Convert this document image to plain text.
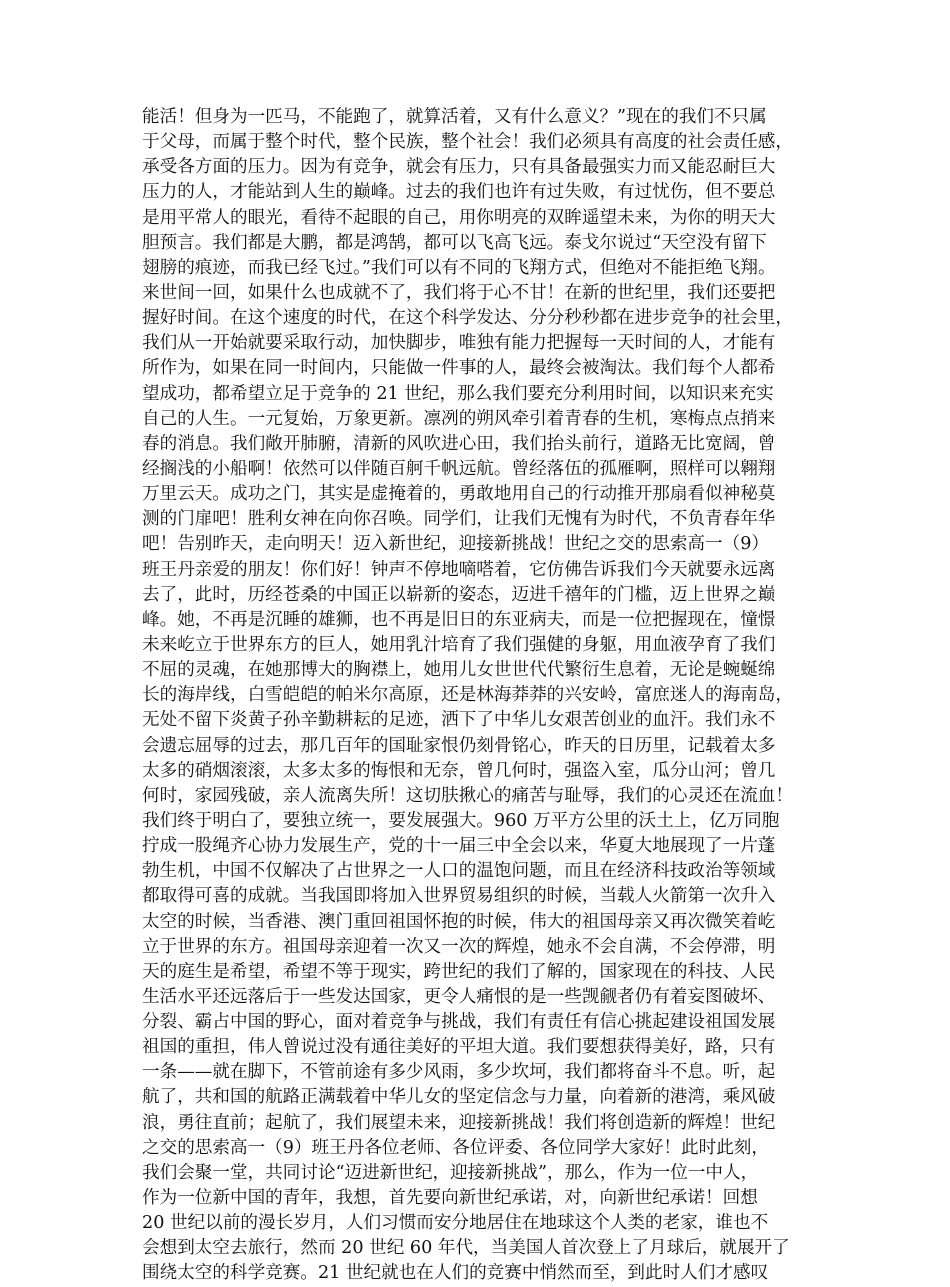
能活！但身为一匹马，不能跑了，就算活着，又有什么意义？”现在的我们不只属
于父母，而属于整个时代，整个民族，整个社会！我们必须具有高度的社会责任感，
承受各方面的压力。因为有竞争，就会有压力，只有具备最强实力而又能忍耐巨大
压力的人，才能站到人生的巅峰。过去的我们也许有过失败，有过忧伤，但不要总
是用平常人的眼光，看待不起眼的自己，用你明亮的双眸遥望未来，为你的明天大
胆预言。我们都是大鹏，都是鸿鹄，都可以飞高飞远。泰戈尔说过“天空没有留下
翅膀的痕迹，而我已经飞过。”我们可以有不同的飞翔方式，但绝对不能拒绝飞翔。
来世间一回，如果什么也成就不了，我们将于心不甘！在新的世纪里，我们还要把
握好时间。在这个速度的时代，在这个科学发达、分分秒秒都在进步竞争的社会里，
我们从一开始就要采取行动，加快脚步，唯独有能力把握每一天时间的人，才能有
所作为，如果在同一时间内，只能做一件事的人，最终会被淘汰。我们每个人都希
望成功，都希望立足于竞争的 21 世纪，那么我们要充分利用时间，以知识来充实
自己的人生。一元复始，万象更新。凛冽的朔风牵引着青春的生机，寒梅点点捎来
春的消息。我们敞开肺腑，清新的风吹进心田，我们抬头前行，道路无比宽阔，曾
经搁浅的小船啊！依然可以伴随百舸千帆远航。曾经落伍的孤雁啊，照样可以翱翔
万里云天。成功之门，其实是虚掩着的，勇敢地用自己的行动推开那扇看似神秘莫
测的门扉吧！胜利女神在向你召唤。同学们，让我们无愧有为时代，不负青春年华
吧！告别昨天，走向明天！迈入新世纪，迎接新挑战！世纪之交的思索高一（9）
班王丹亲爱的朋友！你们好！钟声不停地嘀嗒着，它仿佛告诉我们今天就要永远离
去了，此时，历经苍桑的中国正以崭新的姿态，迈进千禧年的门槛，迈上世界之巅
峰。她，不再是沉睡的雄狮，也不再是旧日的东亚病夫，而是一位把握现在，憧憬
未来屹立于世界东方的巨人，她用乳汁培育了我们强健的身躯，用血液孕育了我们
不屈的灵魂，在她那博大的胸襟上，她用儿女世世代代繁衍生息着，无论是蜿蜒绵
长的海岸线，白雪皑皑的帕米尔高原，还是林海莽莽的兴安岭，富庶迷人的海南岛，
无处不留下炎黄子孙辛勤耕耘的足迹，洒下了中华儿女艰苦创业的血汗。我们永不
会遗忘屈辱的过去，那几百年的国耻家恨仍刻骨铭心，昨天的日历里，记载着太多
太多的硝烟滚滚，太多太多的悔恨和无奈，曾几何时，强盗入室，瓜分山河；曾几
何时，家园残破，亲人流离失所！这切肤揪心的痛苦与耻辱，我们的心灵还在流血！
我们终于明白了，要独立统一，要发展强大。960 万平方公里的沃土上，亿万同胞
拧成一股绳齐心协力发展生产，党的十一届三中全会以来，华夏大地展现了一片蓬
勃生机，中国不仅解决了占世界之一人口的温饱问题，而且在经济科技政治等领域
都取得可喜的成就。当我国即将加入世界贸易组织的时候，当载人火箭第一次升入
太空的时候，当香港、澳门重回祖国怀抱的时候，伟大的祖国母亲又再次微笑着屹
立于世界的东方。祖国母亲迎着一次又一次的辉煌，她永不会自满，不会停滞，明
天的庭生是希望，希望不等于现实，跨世纪的我们了解的，国家现在的科技、人民
生活水平还远落后于一些发达国家，更令人痛恨的是一些觊觎者仍有着妄图破坏、
分裂、霸占中国的野心，面对着竞争与挑战，我们有责任有信心挑起建设祖国发展
祖国的重担，伟人曾说过没有通往美好的平坦大道。我们要想获得美好，路，只有
一条——就在脚下，不管前途有多少风雨，多少坎坷，我们都将奋斗不息。听，起
航了，共和国的航路正满载着中华儿女的坚定信念与力量，向着新的港湾，乘风破
浪，勇往直前；起航了，我们展望未来，迎接新挑战！我们将创造新的辉煌！世纪
之交的思索高一（9）班王丹各位老师、各位评委、各位同学大家好！此时此刻，
我们会聚一堂，共同讨论“迈进新世纪，迎接新挑战”，那么，作为一位一中人，
作为一位新中国的青年，我想，首先要向新世纪承诺，对，向新世纪承诺！回想
20 世纪以前的漫长岁月，人们习惯而安分地居住在地球这个人类的老家，谁也不
会想到太空去旅行，然而 20 世纪 60 年代，当美国人首次登上了月球后，就展开了
围绕太空的科学竞赛。21 世纪就也在人们的竞赛中悄然而至，到此时人们才感叹
